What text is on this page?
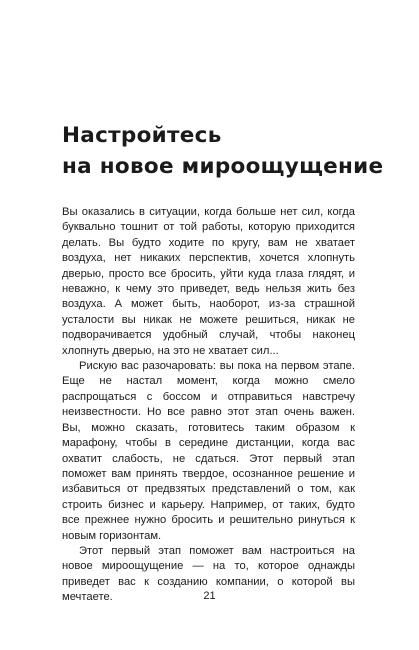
Настройтесь
на новое мироощущение

Вы оказались в ситуации, когда больше нет сил, когда буквально тошнит от той работы, которую приходится делать. Вы будто ходите по кругу, вам не хватает воздуха, нет никаких перспектив, хочется хлопнуть дверью, просто все бросить, уйти куда глаза глядят, и неважно, к чему это приведет, ведь нельзя жить без воздуха. А может быть, наоборот, из-за страшной усталости вы никак не можете решиться, никак не подворачивается удобный случай, чтобы наконец хлопнуть дверью, на это не хватает сил...

Рискую вас разочаровать: вы пока на первом этапе. Еще не настал момент, когда можно смело распрощаться с боссом и отправиться навстречу неизвестности. Но все равно этот этап очень важен. Вы, можно сказать, готовитесь таким образом к марафону, чтобы в середине дистанции, когда вас охватит слабость, не сдаться. Этот первый этап поможет вам принять твердое, осознанное решение и избавиться от предвзятых представлений о том, как строить бизнес и карьеру. Например, от таких, будто все прежнее нужно бросить и решительно ринуться к новым горизонтам.

Этот первый этап поможет вам настроиться на новое мироощущение — на то, которое однажды приведет вас к созданию компании, о которой вы мечтаете.	21
